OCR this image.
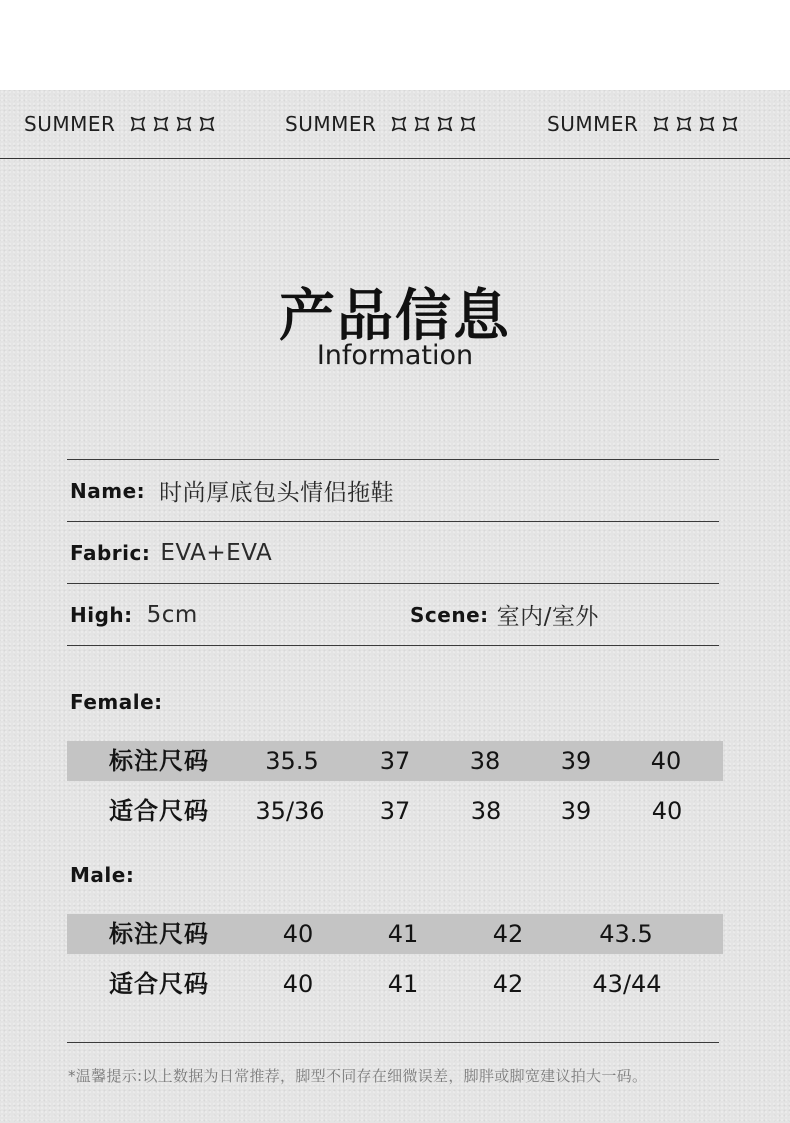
SUMMER	SUMMER	SUMMER
产品信息
Information
Name: 时尚厚底包头情侣拖鞋
Fabric: EVA+EVA
High: 5cm	Scene: 室内/室外
Female:
标注尺码 35.5	37 38	39 40
适合尺码 35/36 37	38 39	40
Male:
标注尺码	40	41	42	43.5
适合尺码	40	41	42	43/44
*温馨提示:以上数据为日常推荐，脚型不同存在细微误差，脚胖或脚宽建议拍大一码。
